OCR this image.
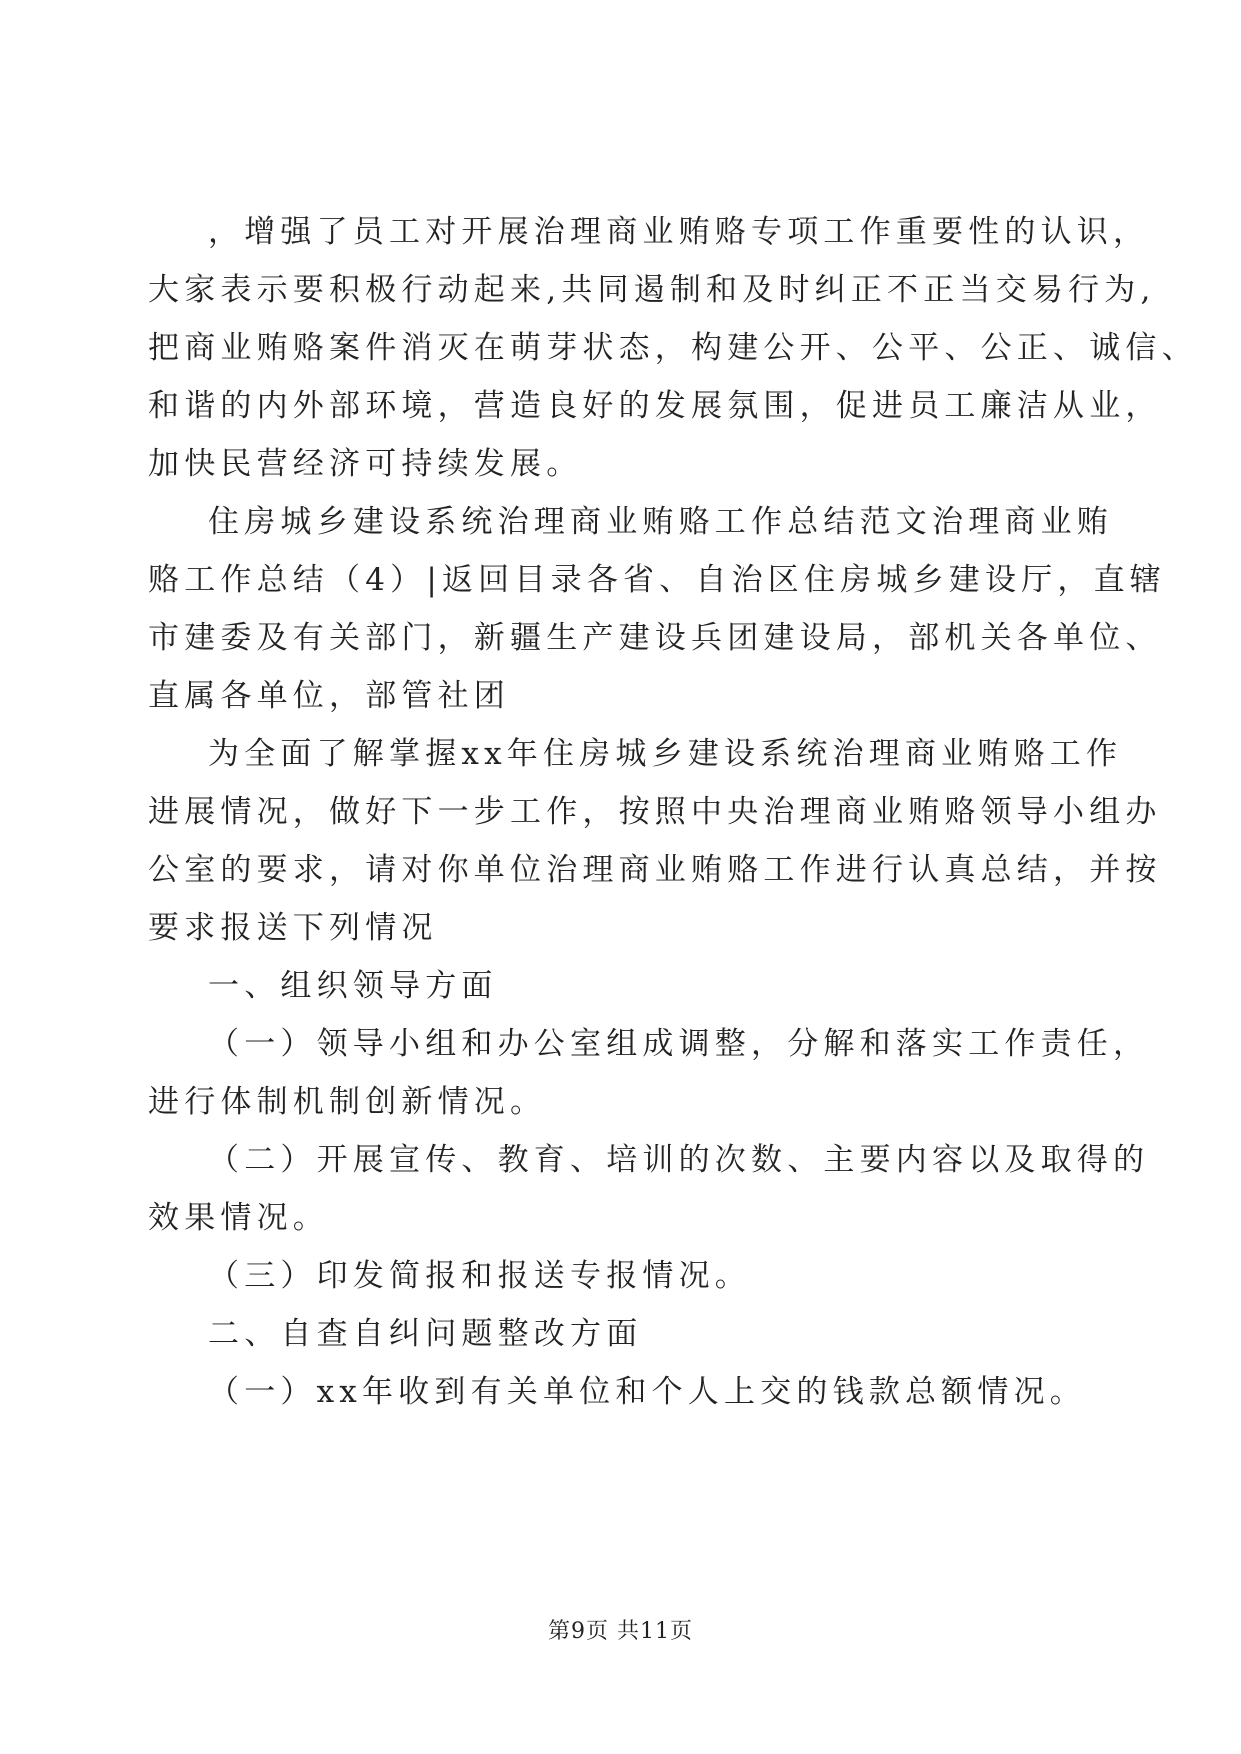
，增强了员工对开展治理商业贿赂专项工作重要性的认识，
大家表示要积极行动起来,共同遏制和及时纠正不正当交易行为,
把商业贿赂案件消灭在萌芽状态，构建公开、公平、公正、诚信、
和谐的内外部环境，营造良好的发展氛围，促进员工廉洁从业，
加快民营经济可持续发展。
住房城乡建设系统治理商业贿赂工作总结范文治理商业贿
赂工作总结（4）|返回目录各省、自治区住房城乡建设厅，直辖
市建委及有关部门，新疆生产建设兵团建设局，部机关各单位、
直属各单位，部管社团
为全面了解掌握xx年住房城乡建设系统治理商业贿赂工作
进展情况，做好下一步工作，按照中央治理商业贿赂领导小组办
公室的要求，请对你单位治理商业贿赂工作进行认真总结，并按
要求报送下列情况
一、组织领导方面
（一）领导小组和办公室组成调整，分解和落实工作责任，
进行体制机制创新情况。
（二）开展宣传、教育、培训的次数、主要内容以及取得的
效果情况。
（三）印发简报和报送专报情况。
二、自查自纠问题整改方面
（一）xx年收到有关单位和个人上交的钱款总额情况。
第9页 共11页
